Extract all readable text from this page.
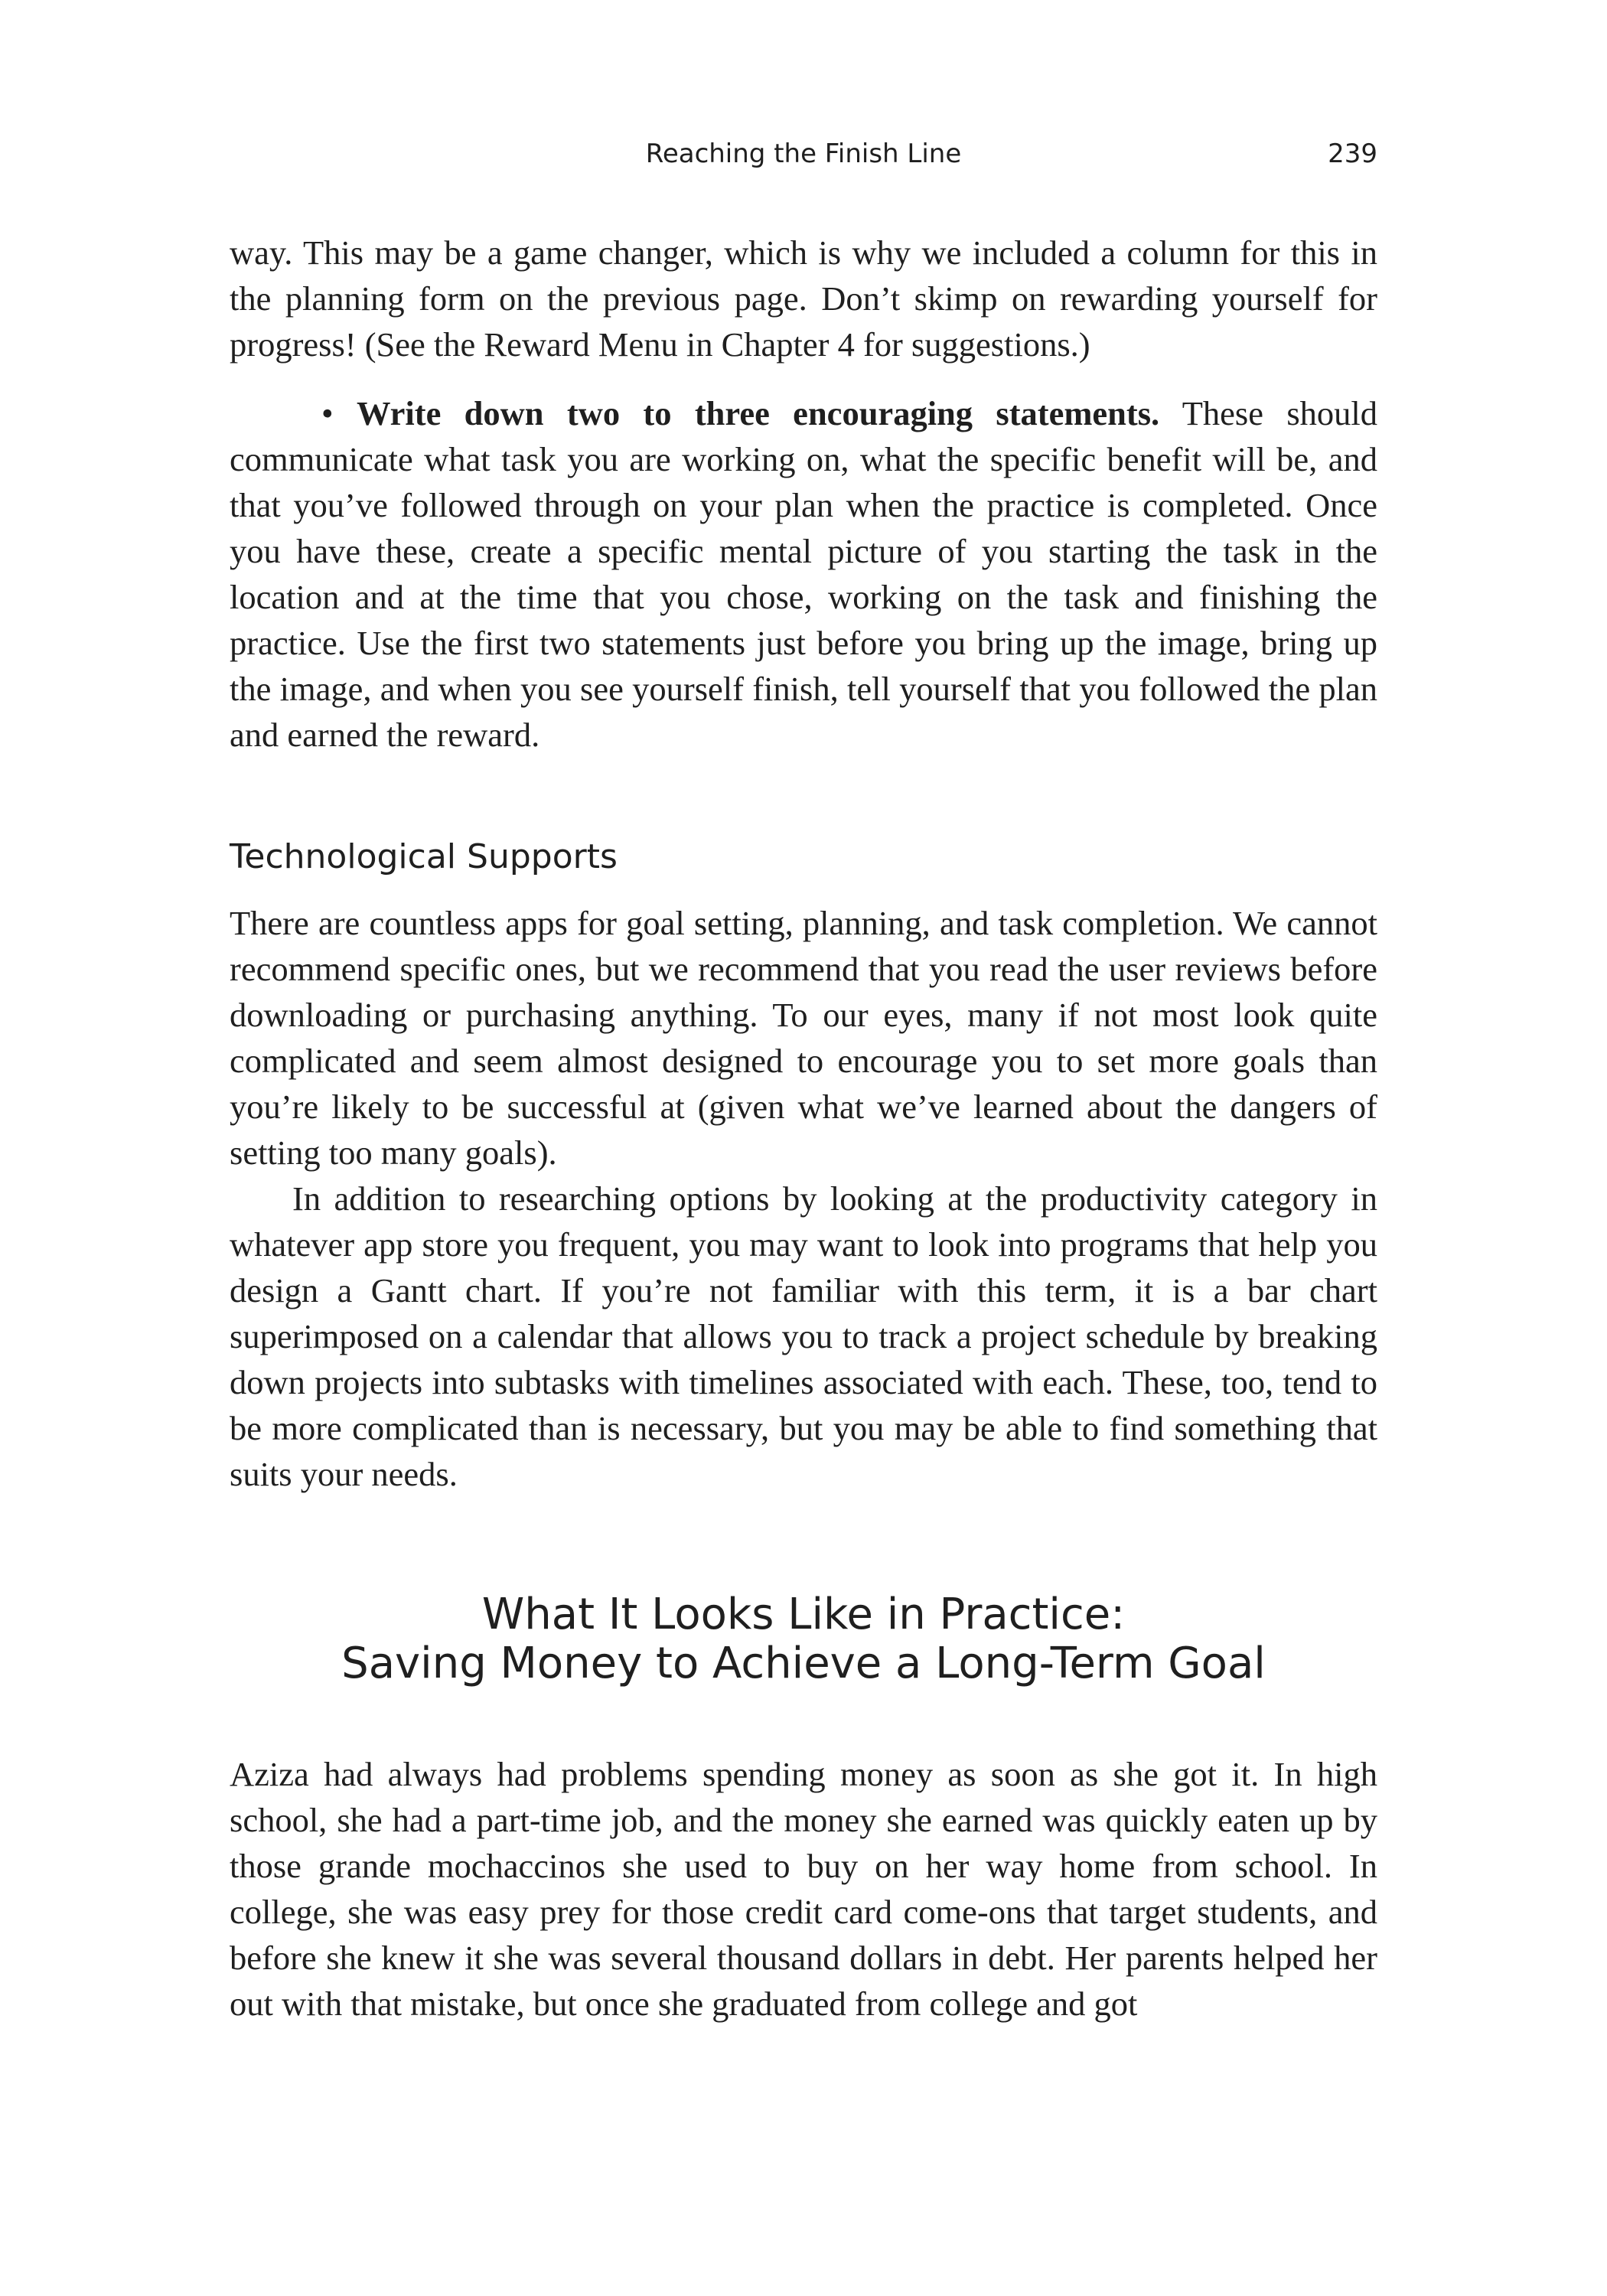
Reaching the Finish Line	239

way. This may be a game changer, which is why we included a column for this in the planning form on the previous page. Don’t skimp on rewarding yourself for progress! (See the Reward Menu in Chapter 4 for suggestions.)

• Write down two to three encouraging statements. These should communicate what task you are working on, what the specific benefit will be, and that you’ve followed through on your plan when the practice is completed. Once you have these, create a specific mental picture of you starting the task in the location and at the time that you chose, working on the task and finishing the practice. Use the first two statements just before you bring up the image, bring up the image, and when you see yourself finish, tell yourself that you followed the plan and earned the reward.

Technological Supports

There are countless apps for goal setting, planning, and task completion. We cannot recommend specific ones, but we recommend that you read the user reviews before downloading or purchasing anything. To our eyes, many if not most look quite complicated and seem almost designed to encourage you to set more goals than you’re likely to be successful at (given what we’ve learned about the dangers of setting too many goals).

In addition to researching options by looking at the productivity category in whatever app store you frequent, you may want to look into programs that help you design a Gantt chart. If you’re not familiar with this term, it is a bar chart superimposed on a calendar that allows you to track a project schedule by breaking down projects into subtasks with timelines associated with each. These, too, tend to be more complicated than is necessary, but you may be able to find something that suits your needs.

What It Looks Like in Practice:
Saving Money to Achieve a Long-Term Goal

Aziza had always had problems spending money as soon as she got it. In high school, she had a part-time job, and the money she earned was quickly eaten up by those grande mochaccinos she used to buy on her way home from school. In college, she was easy prey for those credit card come-ons that target students, and before she knew it she was several thousand dollars in debt. Her parents helped her out with that mistake, but once she graduated from college and got
